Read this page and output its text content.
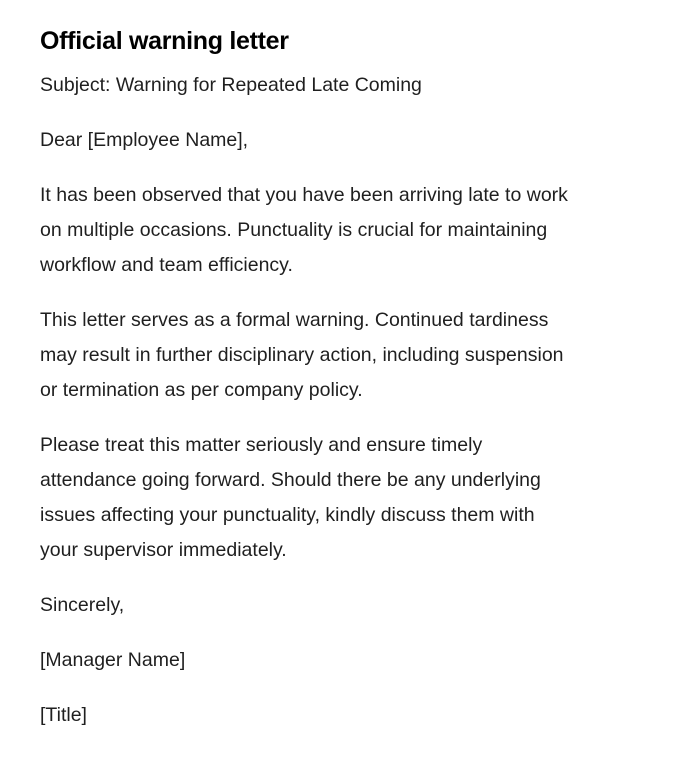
Official warning letter

Subject: Warning for Repeated Late Coming

Dear [Employee Name],

It has been observed that you have been arriving late to work
on multiple occasions. Punctuality is crucial for maintaining
workflow and team efficiency.

This letter serves as a formal warning. Continued tardiness
may result in further disciplinary action, including suspension
or termination as per company policy.

Please treat this matter seriously and ensure timely
attendance going forward. Should there be any underlying
issues affecting your punctuality, kindly discuss them with
your supervisor immediately.

Sincerely,

[Manager Name]

[Title]
